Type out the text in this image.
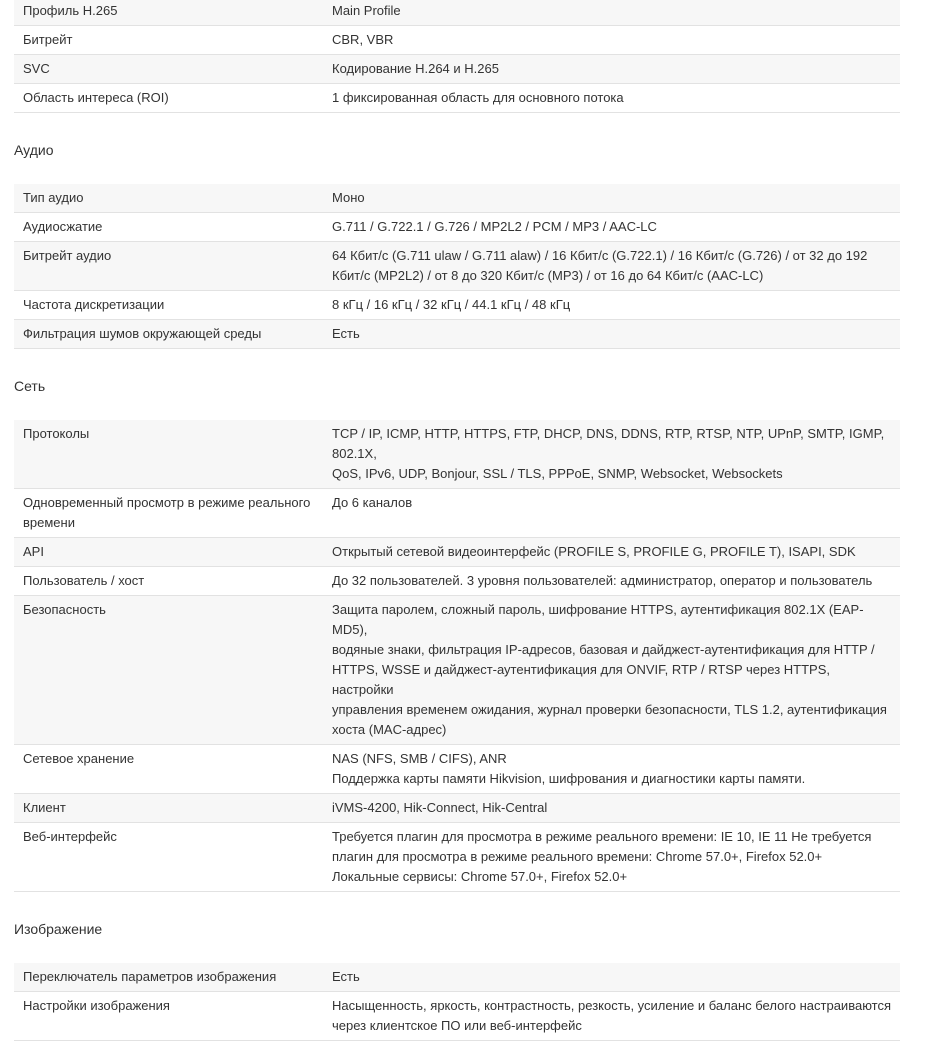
Профиль H.265	Main Profile

Битрейт	CBR, VBR

SVC	Кодирование H.264 и H.265

Область интереса (ROI)	1 фиксированная область для основного потока
Аудио
Тип аудио	Моно

Аудиосжатие	G.711 / G.722.1 / G.726 / MP2L2 / PCM / MP3 / AAC-LC

Битрейт аудио	64 Кбит/с (G.711 ulaw / G.711 alaw) / 16 Кбит/с (G.722.1) / 16 Кбит/с (G.726) / от 32 до 192
Кбит/с (MP2L2) / от 8 до 320 Кбит/с (MP3) / от 16 до 64 Кбит/с (AAC-LC)

Частота дискретизации	8 кГц / 16 кГц / 32 кГц / 44.1 кГц / 48 кГц

Фильтрация шумов окружающей среды	Есть
Сеть
Протоколы	TCP / IP, ICMP, HTTP, HTTPS, FTP, DHCP, DNS, DDNS, RTP, RTSP, NTP, UPnP, SMTP, IGMP, 802.1X,
QoS, IPv6, UDP, Bonjour, SSL / TLS, PPPoE, SNMP, Websocket, Websockets

Одновременный просмотр в режиме реального времени	До 6 каналов

API	Открытый сетевой видеоинтерфейс (PROFILE S, PROFILE G, PROFILE T), ISAPI, SDK

Пользователь / хост	До 32 пользователей. 3 уровня пользователей: администратор, оператор и пользователь

Безопасность	Защита паролем, сложный пароль, шифрование HTTPS, аутентификация 802.1X (EAP-MD5),
водяные знаки, фильтрация IP-адресов, базовая и дайджест-аутентификация для HTTP /
HTTPS, WSSE и дайджест-аутентификация для ONVIF, RTP / RTSP через HTTPS, настройки
управления временем ожидания, журнал проверки безопасности, TLS 1.2, аутентификация
хоста (MAC-адрес)

Сетевое хранение	NAS (NFS, SMB / CIFS), ANR
Поддержка карты памяти Hikvision, шифрования и диагностики карты памяти.

Клиент	iVMS-4200, Hik-Connect, Hik-Central

Веб-интерфейс	Требуется плагин для просмотра в режиме реального времени: IE 10, IE 11 Не требуется
плагин для просмотра в режиме реального времени: Chrome 57.0+, Firefox 52.0+
Локальные сервисы: Chrome 57.0+, Firefox 52.0+
Изображение
Переключатель параметров изображения	Есть

Настройки изображения	Насыщенность, яркость, контрастность, резкость, усиление и баланс белого настраиваются
через клиентское ПО или веб-интерфейс
